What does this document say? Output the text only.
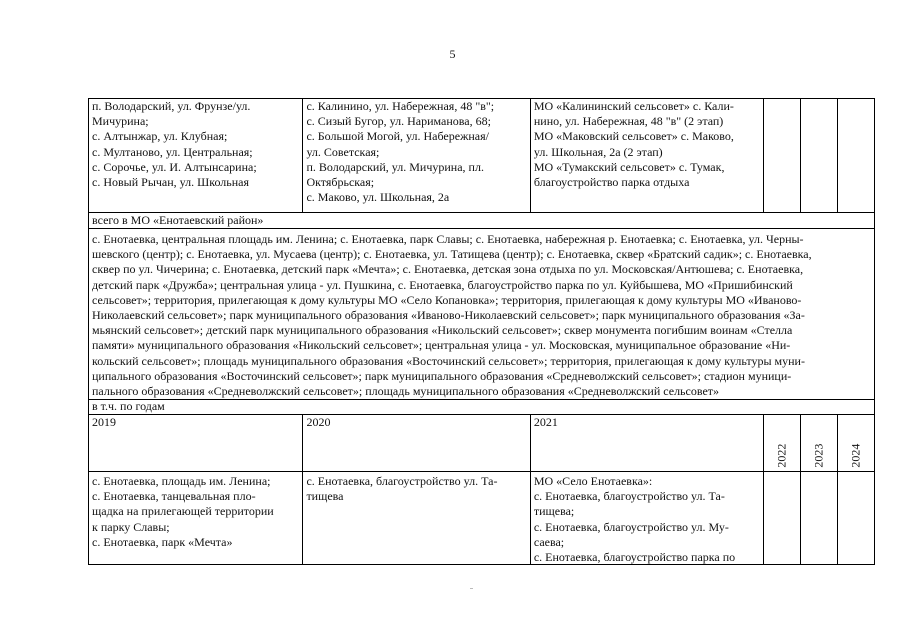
5
п. Володарский, ул. Фрунзе/ул.
Мичурина;
с. Алтынжар, ул. Клубная;
с. Мултаново, ул. Центральная;
с. Сорочье, ул. И. Алтынсарина;
с. Новый Рычан, ул. Школьная
с. Калинино, ул. Набережная, 48 "в";
с. Сизый Бугор, ул. Нариманова, 68;
с. Большой Могой, ул. Набережная/
ул. Советская;
п. Володарский, ул. Мичурина, пл.
Октябрьская;
с. Маково, ул. Школьная, 2а
МО «Калининский сельсовет» с. Кали-
нино, ул. Набережная, 48 "в" (2 этап)
МО «Маковский сельсовет» с. Маково,
ул. Школьная, 2а (2 этап)
МО «Тумакский сельсовет» с. Тумак,
благоустройство парка отдыха
всего в МО «Енотаевский район»
с. Енотаевка, центральная площадь им. Ленина; с. Енотаевка, парк Славы; с. Енотаевка, набережная р. Енотаевка; с. Енотаевка, ул. Черны-
шевского (центр); с. Енотаевка, ул. Мусаева (центр); с. Енотаевка, ул. Татищева (центр); с. Енотаевка, сквер «Братский садик»; с. Енотаевка,
сквер по ул. Чичерина; с. Енотаевка, детский парк «Мечта»; с. Енотаевка, детская зона отдыха по ул. Московская/Антюшева; с. Енотаевка,
детский парк «Дружба»; центральная улица - ул. Пушкина, с. Енотаевка, благоустройство парка по ул. Куйбышева, МО «Пришибинский
сельсовет»; территория, прилегающая к дому культуры МО «Село Копановка»; территория, прилегающая к дому культуры МО «Иваново-
Николаевский сельсовет»; парк муниципального образования «Иваново-Николаевский сельсовет»; парк муниципального образования «За-
мьянский сельсовет»; детский парк муниципального образования «Никольский сельсовет»; сквер монумента погибшим воинам «Стелла
памяти» муниципального образования «Никольский сельсовет»; центральная улица - ул. Московская, муниципальное образование «Ни-
кольский сельсовет»; площадь муниципального образования «Восточинский сельсовет»; территория, прилегающая к дому культуры муни-
ципального образования «Восточинский сельсовет»; парк муниципального образования «Средневолжский сельсовет»; стадион муници-
пального образования «Средневолжский сельсовет»; площадь муниципального образования «Средневолжский сельсовет»
в т.ч. по годам
2019	2020	2021
2022 2023 2024
с. Енотаевка, площадь им. Ленина;
с. Енотаевка, танцевальная пло-
щадка на прилегающей территории
к парку Славы;
с. Енотаевка, парк «Мечта»
с. Енотаевка, благоустройство ул. Та-
тищева
МО «Село Енотаевка»:
с. Енотаевка, благоустройство ул. Та-
тищева;
с. Енотаевка, благоустройство ул. Му-
саева;
с. Енотаевка, благоустройство парка по
